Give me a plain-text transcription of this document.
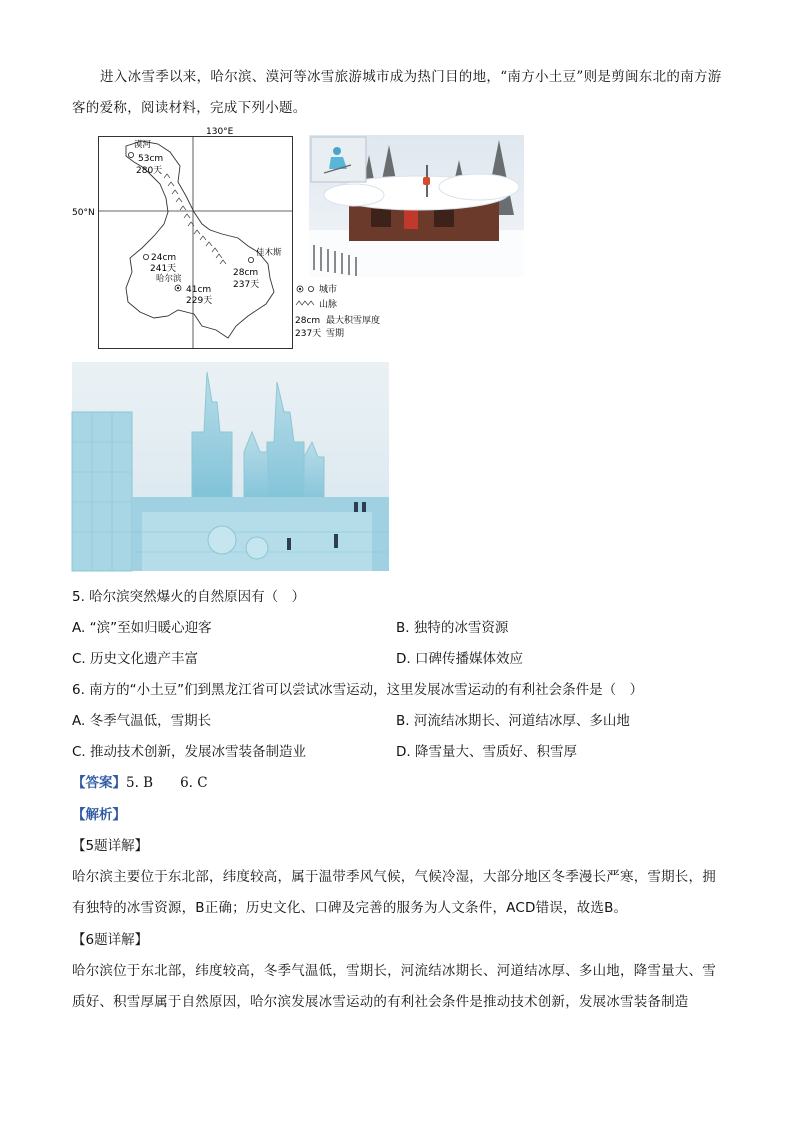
进入冰雪季以来，哈尔滨、漠河等冰雪旅游城市成为热门目的地，“南方小土豆”则是剪闽东北的南方游客的爱称，阅读材料，完成下列小题。

130°E
50°N
漠河
53cm
280天
24cm
241天
哈尔滨
41cm
229天
佳木斯
28cm
237天	城市
山脉
28cm 最大积雪厚度
237天 雪期
5. 哈尔滨突然爆火的自然原因有（　）
A. “滨”至如归暖心迎客	B. 独特的冰雪资源
C. 历史文化遗产丰富	D. 口碑传播媒体效应
6. 南方的“小土豆”们到黑龙江省可以尝试冰雪运动，这里发展冰雪运动的有利社会条件是（　）
A. 冬季气温低，雪期长	B. 河流结冰期长、河道结冰厚、多山地
C. 推动技术创新，发展冰雪装备制造业	D. 降雪量大、雪质好、积雪厚
【答案】5. B　　6. C
【解析】
【5题详解】

哈尔滨主要位于东北部，纬度较高，属于温带季风气候，气候冷湿，大部分地区冬季漫长严寒，雪期长，拥有独特的冰雪资源，B正确；历史文化、口碑及完善的服务为人文条件，ACD错误，故选B。

【6题详解】

哈尔滨位于东北部，纬度较高，冬季气温低，雪期长，河流结冰期长、河道结冰厚、多山地，降雪量大、雪质好、积雪厚属于自然原因，哈尔滨发展冰雪运动的有利社会条件是推动技术创新，发展冰雪装备制造
